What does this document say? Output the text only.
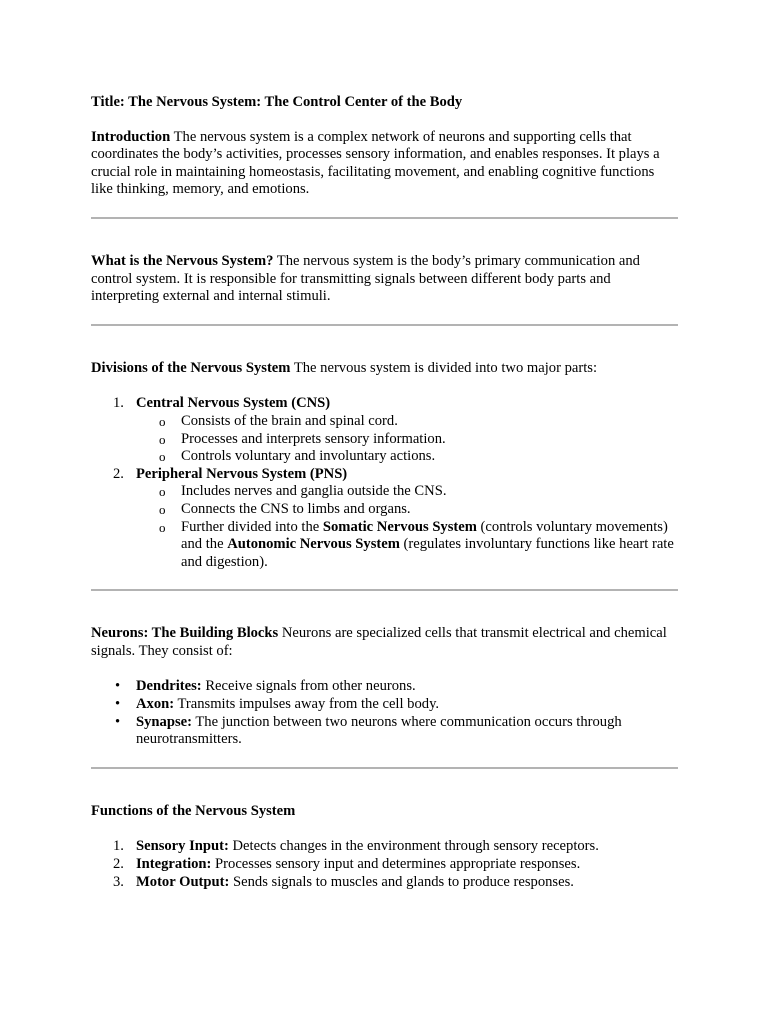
Title: The Nervous System: The Control Center of the Body

Introduction The nervous system is a complex network of neurons and supporting cells that coordinates the body’s activities, processes sensory information, and enables responses. It plays a crucial role in maintaining homeostasis, facilitating movement, and enabling cognitive functions like thinking, memory, and emotions.

What is the Nervous System? The nervous system is the body’s primary communication and control system. It is responsible for transmitting signals between different body parts and interpreting external and internal stimuli.

Divisions of the Nervous System The nervous system is divided into two major parts:

1. Central Nervous System (CNS)
o Consists of the brain and spinal cord.
o Processes and interprets sensory information.
o Controls voluntary and involuntary actions.
2. Peripheral Nervous System (PNS)
o Includes nerves and ganglia outside the CNS.
o Connects the CNS to limbs and organs.
o Further divided into the Somatic Nervous System (controls voluntary movements) and the Autonomic Nervous System (regulates involuntary functions like heart rate and digestion).

Neurons: The Building Blocks Neurons are specialized cells that transmit electrical and chemical signals. They consist of:

• Dendrites: Receive signals from other neurons.
• Axon: Transmits impulses away from the cell body.
• Synapse: The junction between two neurons where communication occurs through neurotransmitters.

Functions of the Nervous System

1. Sensory Input: Detects changes in the environment through sensory receptors.
2. Integration: Processes sensory input and determines appropriate responses.
3. Motor Output: Sends signals to muscles and glands to produce responses.
